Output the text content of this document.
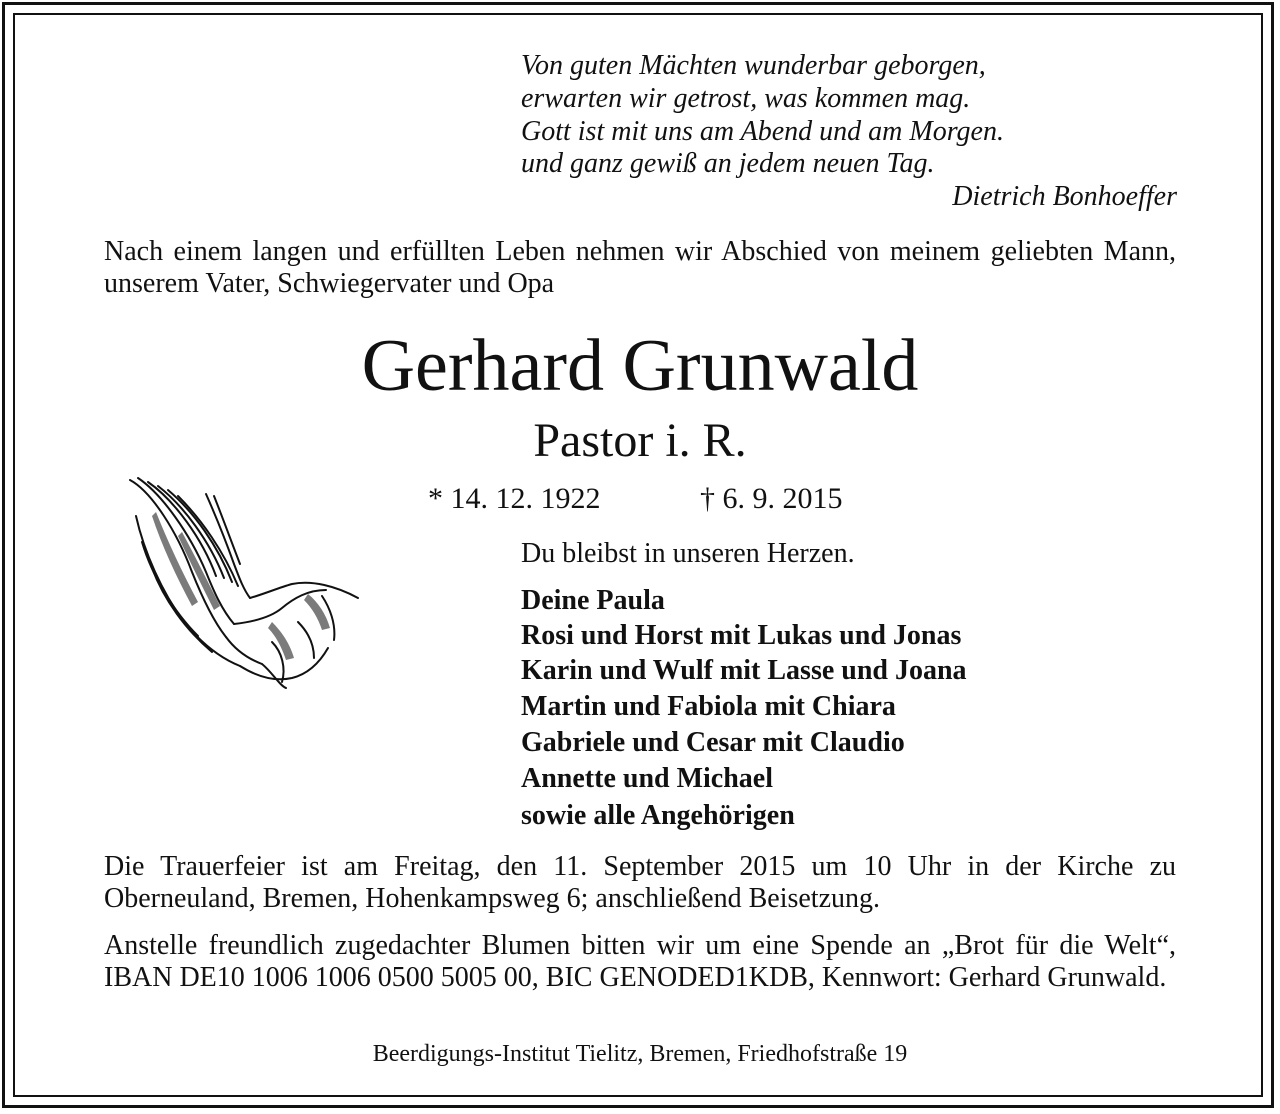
Von guten Mächten wunderbar geborgen,

erwarten wir getrost, was kommen mag.

Gott ist mit uns am Abend und am Morgen.

und ganz gewiß an jedem neuen Tag.

Dietrich Bonhoeffer

Nach einem langen und erfüllten Leben nehmen wir Abschied von meinem geliebten Mann, unserem Vater, Schwiegervater und Opa

Gerhard Grunwald
Pastor i. R.
* 14. 12. 1922	† 6. 9. 2015

Du bleibst in unseren Herzen.

Deine Paula

Rosi und Horst mit Lukas und Jonas

Karin und Wulf mit Lasse und Joana

Martin und Fabiola mit Chiara

Gabriele und Cesar mit Claudio

Annette und Michael

sowie alle Angehörigen

Die Trauerfeier ist am Freitag, den 11. September 2015 um 10 Uhr in der Kirche zu Oberneuland, Bremen, Hohenkampsweg 6; anschließend Beisetzung.

Anstelle freundlich zugedachter Blumen bitten wir um eine Spende an „Brot für die Welt“, IBAN DE10 1006 1006 0500 5005 00, BIC GENODED1KDB, Kennwort: Gerhard Grunwald.

Beerdigungs-Institut Tielitz, Bremen, Friedhofstraße 19
